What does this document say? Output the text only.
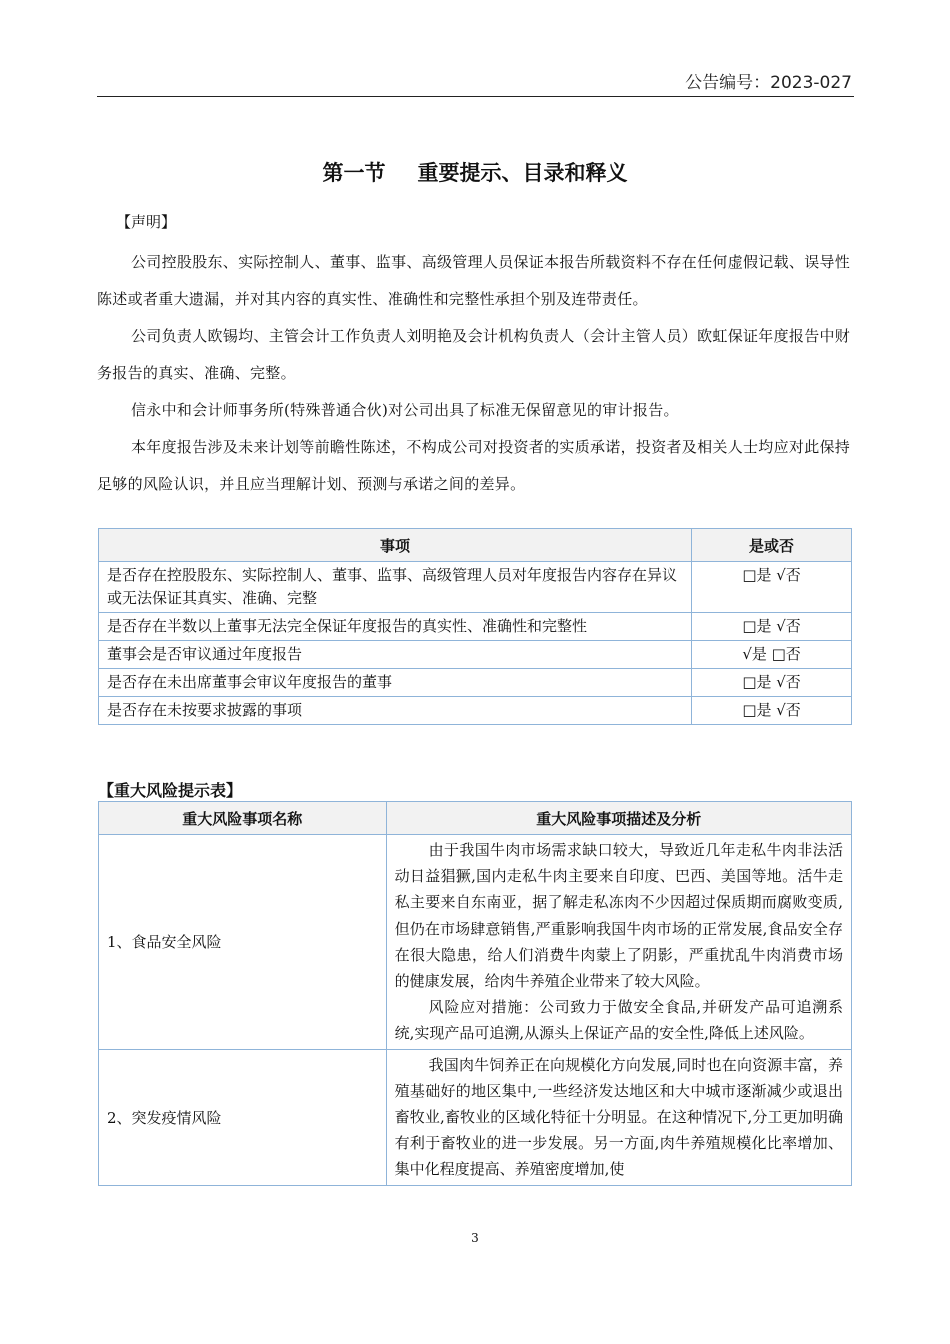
公告编号：2023-027
第一节 重要提示、目录和释义
【声明】
公司控股股东、实际控制人、董事、监事、高级管理人员保证本报告所载资料不存在任何虚假记载、误导性陈述或者重大遗漏，并对其内容的真实性、准确性和完整性承担个别及连带责任。
公司负责人欧锡均、主管会计工作负责人刘明艳及会计机构负责人（会计主管人员）欧虹保证年度报告中财务报告的真实、准确、完整。
信永中和会计师事务所(特殊普通合伙)对公司出具了标准无保留意见的审计报告。
本年度报告涉及未来计划等前瞻性陈述，不构成公司对投资者的实质承诺，投资者及相关人士均应对此保持足够的风险认识，并且应当理解计划、预测与承诺之间的差异。
事项	是或否
是否存在控股股东、实际控制人、董事、监事、高级管理人员对年度报告内容存在异议或无法保证其真实、准确、完整	□是 √否
是否存在半数以上董事无法完全保证年度报告的真实性、准确性和完整性	□是 √否
董事会是否审议通过年度报告	√是 □否
是否存在未出席董事会审议年度报告的董事	□是 √否
是否存在未按要求披露的事项	□是 √否
【重大风险提示表】
重大风险事项名称	重大风险事项描述及分析
1、食品安全风险	由于我国牛肉市场需求缺口较大，导致近几年走私牛肉非法活动日益猖獗,国内走私牛肉主要来自印度、巴西、美国等地。活牛走私主要来自东南亚，据了解走私冻肉不少因超过保质期而腐败变质,但仍在市场肆意销售,严重影响我国牛肉市场的正常发展,食品安全存在很大隐患，给人们消费牛肉蒙上了阴影，严重扰乱牛肉消费市场的健康发展，给肉牛养殖企业带来了较大风险。

风险应对措施：公司致力于做安全食品,并研发产品可追溯系统,实现产品可追溯,从源头上保证产品的安全性,降低上述风险。

2、突发疫情风险	我国肉牛饲养正在向规模化方向发展,同时也在向资源丰富，养殖基础好的地区集中,一些经济发达地区和大中城市逐渐减少或退出畜牧业,畜牧业的区域化特征十分明显。在这种情况下,分工更加明确有利于畜牧业的进一步发展。另一方面,肉牛养殖规模化比率增加、集中化程度提高、养殖密度增加,使

3
